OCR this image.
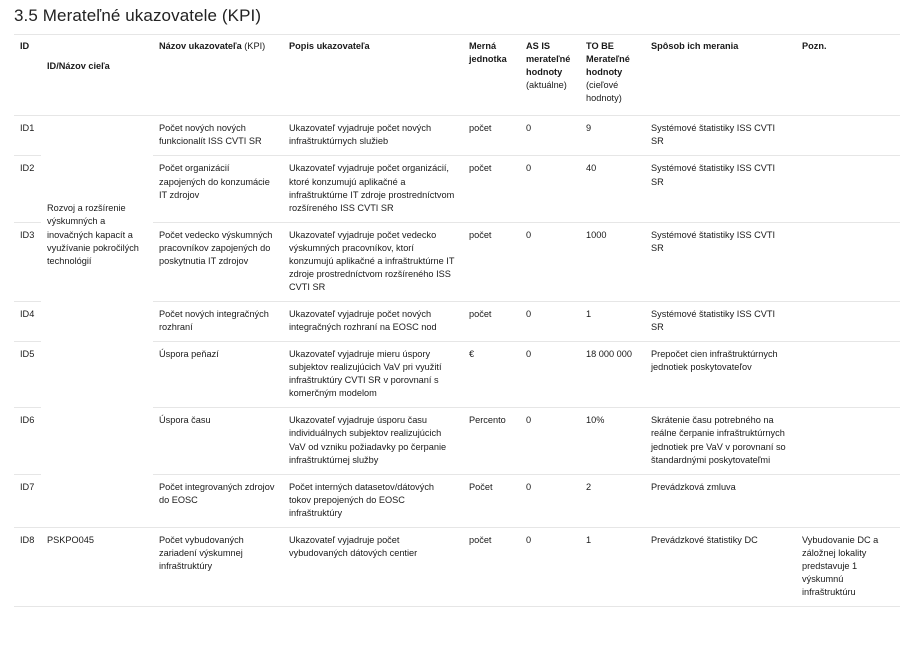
3.5 Merateľné ukazovatele (KPI)
ID	ID/Názov cieľa	Názov ukazovateľa (KPI)	Popis ukazovateľa	Merná jednotka	AS IS merateľné hodnoty (aktuálne)	TO BE Merateľné hodnoty (cieľové hodnoty)	Spôsob ich merania	Pozn.
ID1	Rozvoj a rozšírenie výskumných a inovačných kapacít a využívanie pokročilých technológií	Počet nových nových funkcionalít ISS CVTI SR	Ukazovateľ vyjadruje počet nových infraštruktúrnych služieb	počet	0	9	Systémové štatistiky ISS CVTI SR	
ID2		Počet organizácií zapojených do konzumácie IT zdrojov	Ukazovateľ vyjadruje počet organizácií, ktoré konzumujú aplikačné a infraštruktúrne IT zdroje prostredníctvom rozšíreného ISS CVTI SR	počet	0	40	Systémové štatistiky ISS CVTI SR	
ID3		Počet vedecko výskumných pracovníkov zapojených do poskytnutia IT zdrojov	Ukazovateľ vyjadruje počet vedecko výskumných pracovníkov, ktorí konzumujú aplikačné a infraštruktúrne IT zdroje prostredníctvom rozšíreného ISS CVTI SR	počet	0	1000	Systémové štatistiky ISS CVTI SR	
ID4		Počet nových integračných rozhraní	Ukazovateľ vyjadruje počet nových integračných rozhraní na EOSC nod	počet	0	1	Systémové štatistiky ISS CVTI SR	
ID5		Úspora peňazí	Ukazovateľ vyjadruje mieru úspory subjektov realizujúcich VaV pri využití infraštruktúry CVTI SR v porovnaní s komerčným modelom	€	0	18 000 000	Prepočet cien infraštruktúrnych jednotiek poskytovateľov	
ID6		Úspora času	Ukazovateľ vyjadruje úsporu času individuálnych subjektov realizujúcich VaV od vzniku požiadavky po čerpanie infraštruktúrnej služby	Percento	0	10%	Skrátenie času potrebného na reálne čerpanie infraštruktúrnych jednotiek pre VaV v porovnaní so štandardnými poskytovateľmi	
ID7		Počet integrovaných zdrojov do EOSC	Počet interných datasetov/dátových tokov prepojených do EOSC infraštruktúry	Počet	0	2	Prevádzková zmluva	
ID8	PSKPO045	Počet vybudovaných zariadení výskumnej infraštruktúry	Ukazovateľ vyjadruje počet vybudovaných dátových centier	počet	0	1	Prevádzkové štatistiky DC	Vybudovanie DC a záložnej lokality predstavuje 1 výskumnú infraštruktúru
